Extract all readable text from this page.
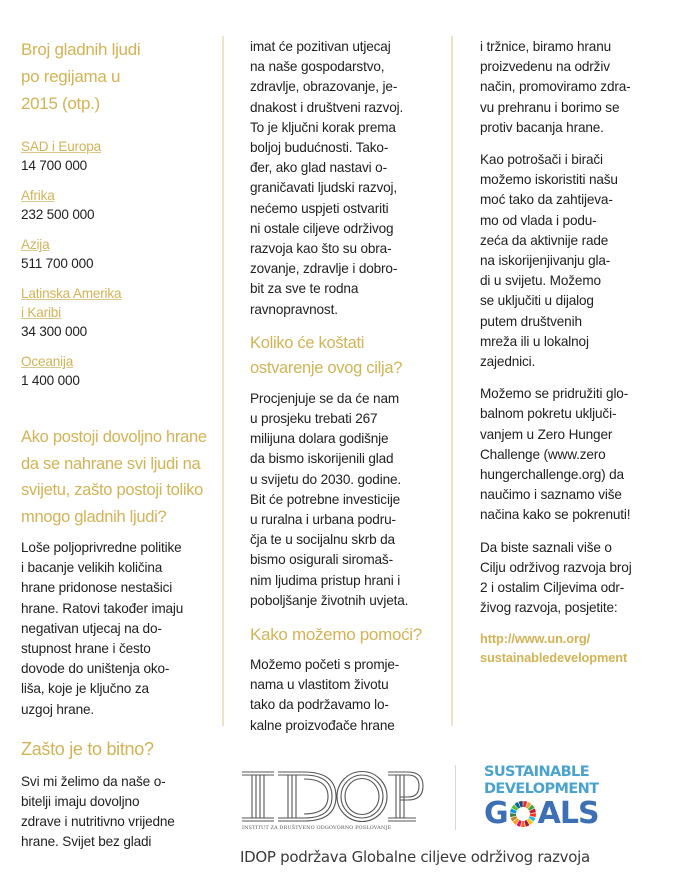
Broj gladnih ljudi
po regijama u
2015 (otp.)
SAD i Europa
14 700 000
Afrika
232 500 000
Azija
511 700 000
Latinska Amerika
i Karibi
34 300 000
Oceanija
1 400 000
Ako postoji dovoljno hrane
da se nahrane svi ljudi na
svijetu, zašto postoji toliko
mnogo gladnih ljudi?
Loše poljoprivredne politike
i bacanje velikih količina
hrane pridonose nestašici
hrane. Ratovi također imaju
negativan utjecaj na do-
stupnost hrane i često
dovode do uništenja oko-
liša, koje je ključno za
uzgoj hrane.
Zašto je to bitno?
Svi mi želimo da naše o-
bitelji imaju dovoljno
zdrave i nutritivno vrijedne
hrane. Svijet bez gladi
imat će pozitivan utjecaj
na naše gospodarstvo,
zdravlje, obrazovanje, je-
dnakost i društveni razvoj.
To je ključni korak prema
boljoj budućnosti. Tako-
đer, ako glad nastavi o-
graničavati ljudski razvoj,
nećemo uspjeti ostvariti
ni ostale ciljeve održivog
razvoja kao što su obra-
zovanje, zdravlje i dobro-
bit za sve te rodna
ravnopravnost.
Koliko će koštati
ostvarenje ovog cilja?
Procjenjuje se da će nam
u prosjeku trebati 267
milijuna dolara godišnje
da bismo iskorijenili glad
u svijetu do 2030. godine.
Bit će potrebne investicije
u ruralna i urbana podru-
čja te u socijalnu skrb da
bismo osigurali siromaš-
nim ljudima pristup hrani i
poboljšanje životnih uvjeta.
Kako možemo pomoći?
Možemo početi s promje-
nama u vlastitom životu
tako da podržavamo lo-
kalne proizvođače hrane
i tržnice, biramo hranu
proizvedenu na održiv
način, promoviramo zdra-
vu prehranu i borimo se
protiv bacanja hrane.
Kao potrošači i birači
možemo iskoristiti našu
moć tako da zahtijeva-
mo od vlada i podu-
zeća da aktivnije rade
na iskorijenjivanju gla-
di u svijetu. Možemo
se uključiti u dijalog
putem društvenih
mreža ili u lokalnoj
zajednici.
Možemo se pridružiti glo-
balnom pokretu uključi-
vanjem u Zero Hunger
Challenge (www.zero
hungerchallenge.org) da
naučimo i saznamo više
načina kako se pokrenuti!
Da biste saznali više o
Cilju održivog razvoja broj
2 i ostalim Ciljevima odr-
živog razvoja, posjetite:
http://www.un.org/
sustainabledevelopment
INSTITUT ZA DRUŠTVENO ODGOVORNO POSLOVANJE
SUSTAINABLE
DEVELOPMENT
G ALS
IDOP podržava Globalne ciljeve održivog razvoja
